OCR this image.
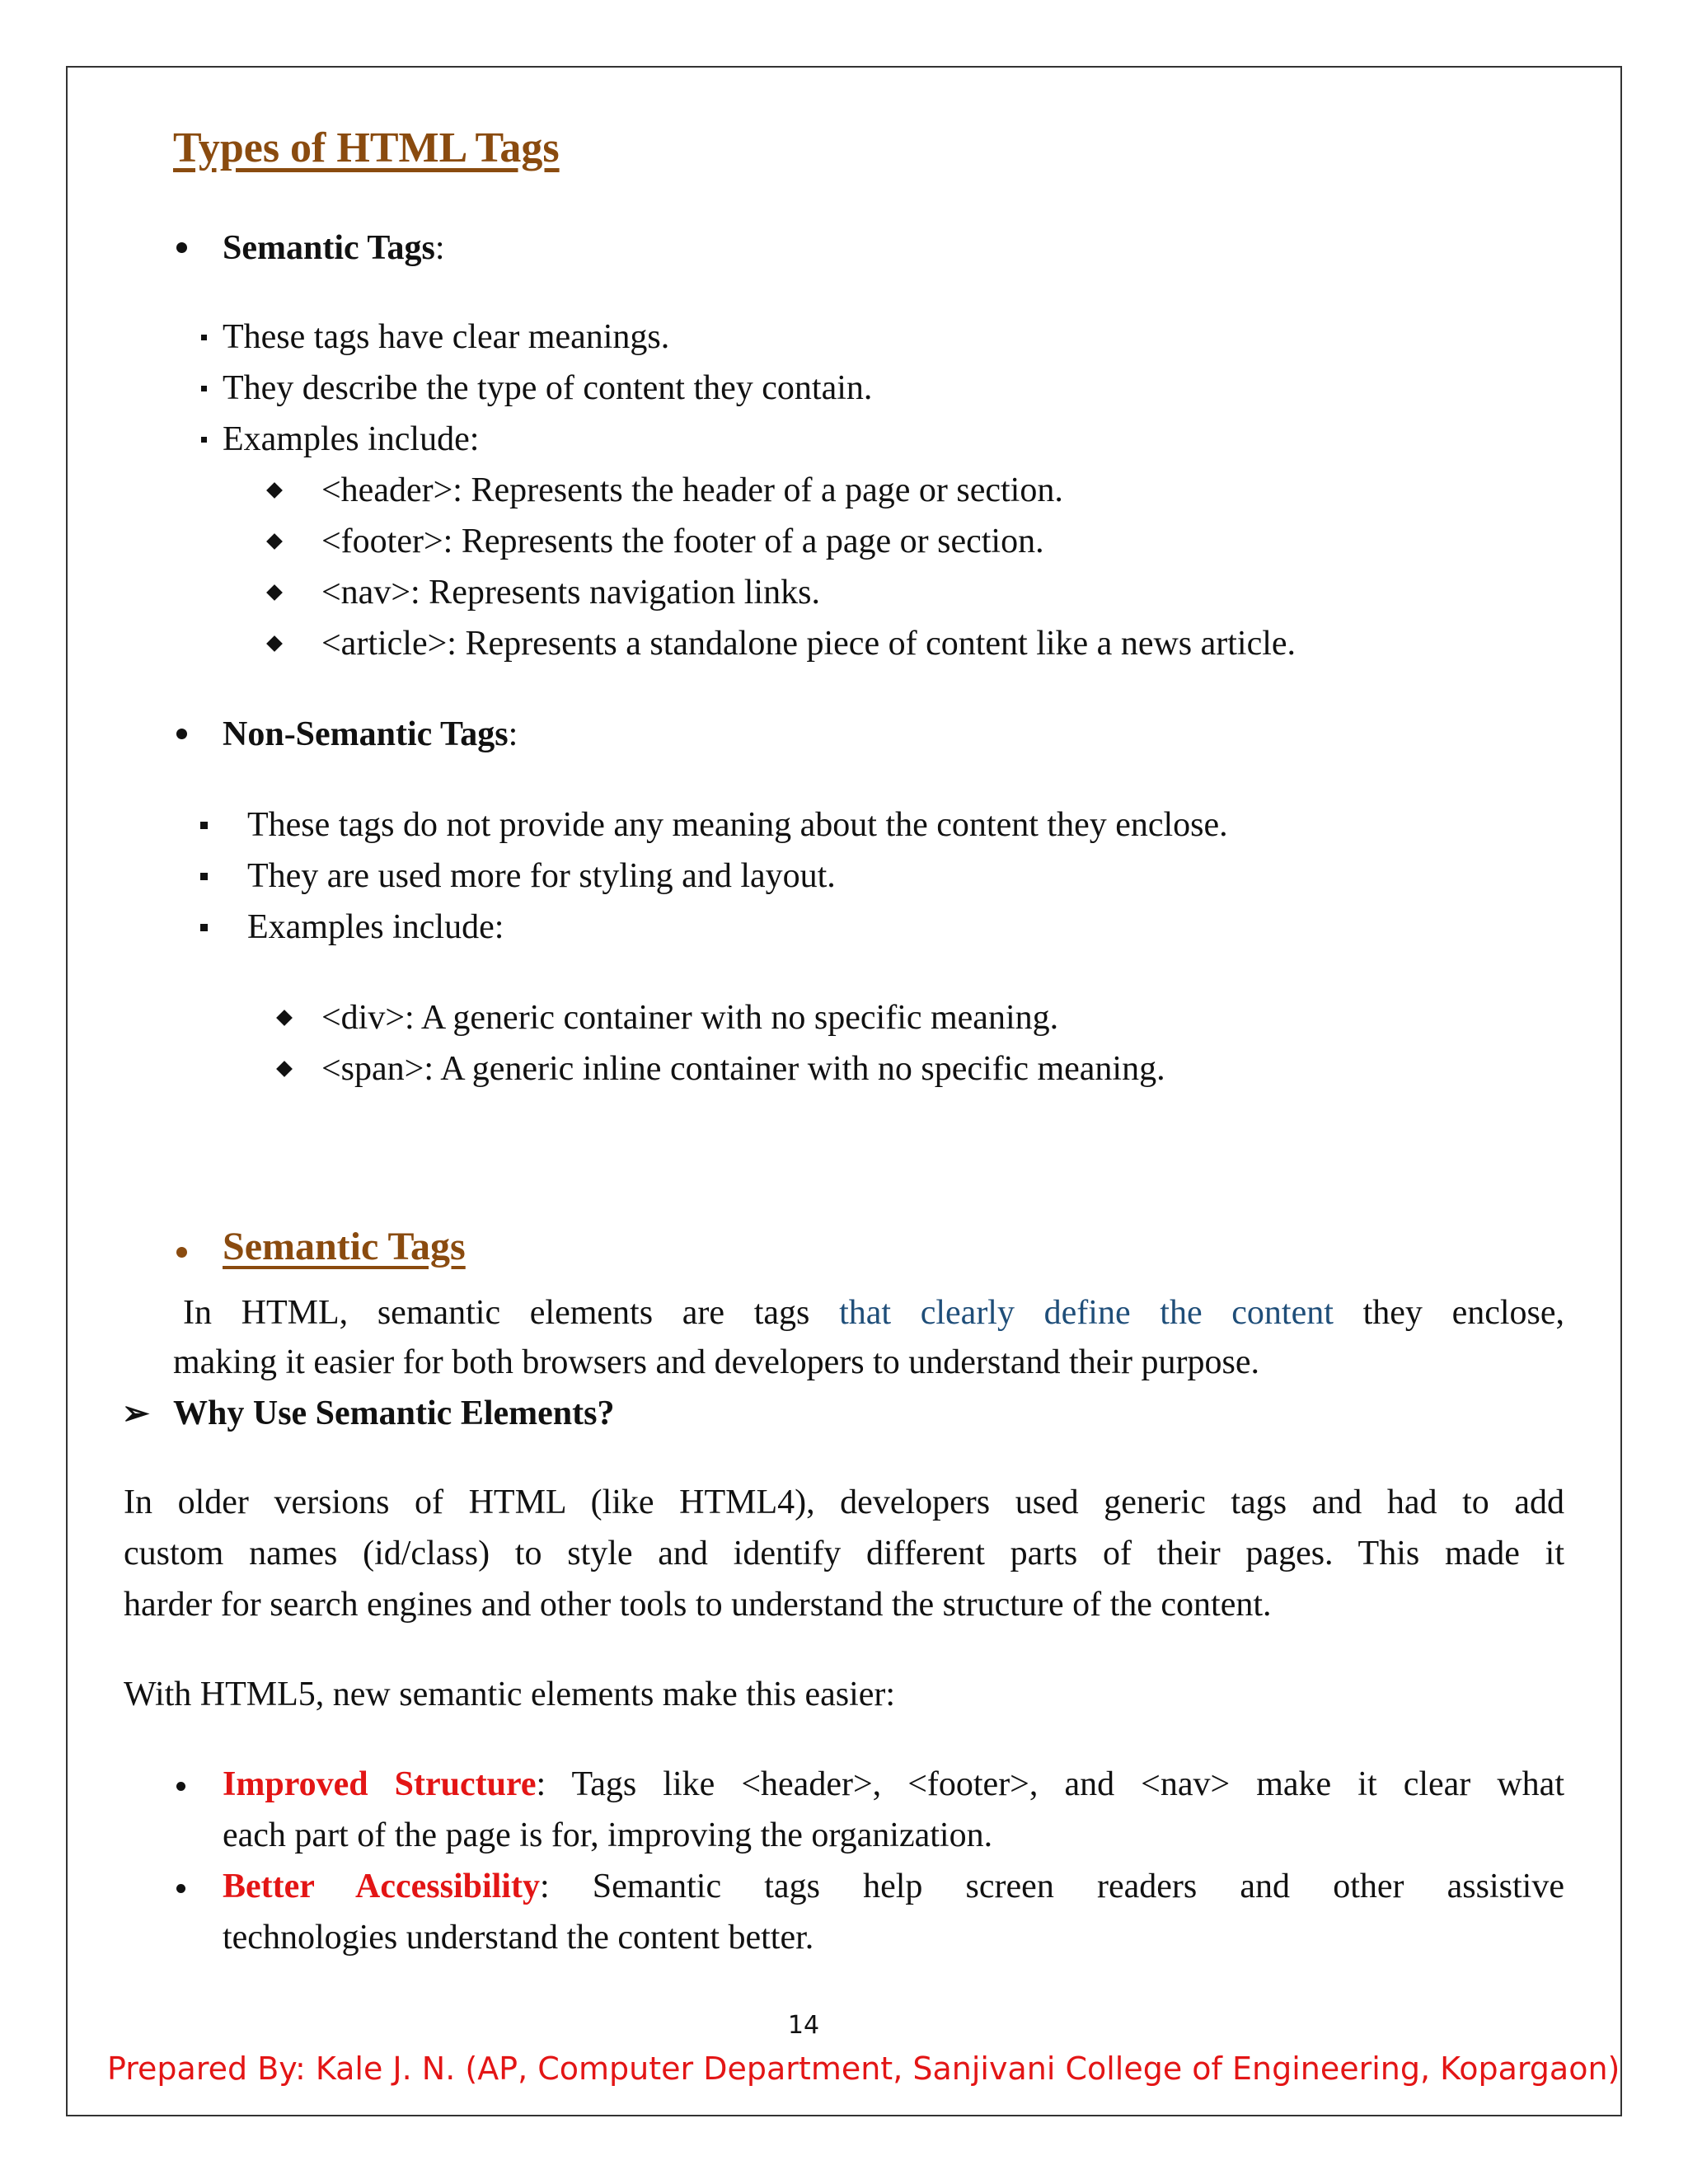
Types of HTML Tags
Semantic Tags:
These tags have clear meanings.
They describe the type of content they contain.
Examples include:
<header>: Represents the header of a page or section.
<footer>: Represents the footer of a page or section.
<nav>: Represents navigation links.
<article>: Represents a standalone piece of content like a news article.
Non-Semantic Tags:
These tags do not provide any meaning about the content they enclose.
They are used more for styling and layout.
Examples include:
<div>: A generic container with no specific meaning.
<span>: A generic inline container with no specific meaning.
Semantic Tags
In HTML, semantic elements are tags that clearly define the content they enclose,
making it easier for both browsers and developers to understand their purpose.
➢ Why Use Semantic Elements?
In older versions of HTML (like HTML4), developers used generic tags and had to add
custom names (id/class) to style and identify different parts of their pages. This made it
harder for search engines and other tools to understand the structure of the content.
With HTML5, new semantic elements make this easier:
Improved Structure: Tags like <header>, <footer>, and <nav> make it clear what
each part of the page is for, improving the organization.
Better Accessibility: Semantic tags help screen readers and other assistive
technologies understand the content better.
14
Prepared By: Kale J. N. (AP, Computer Department, Sanjivani College of Engineering, Kopargaon)
